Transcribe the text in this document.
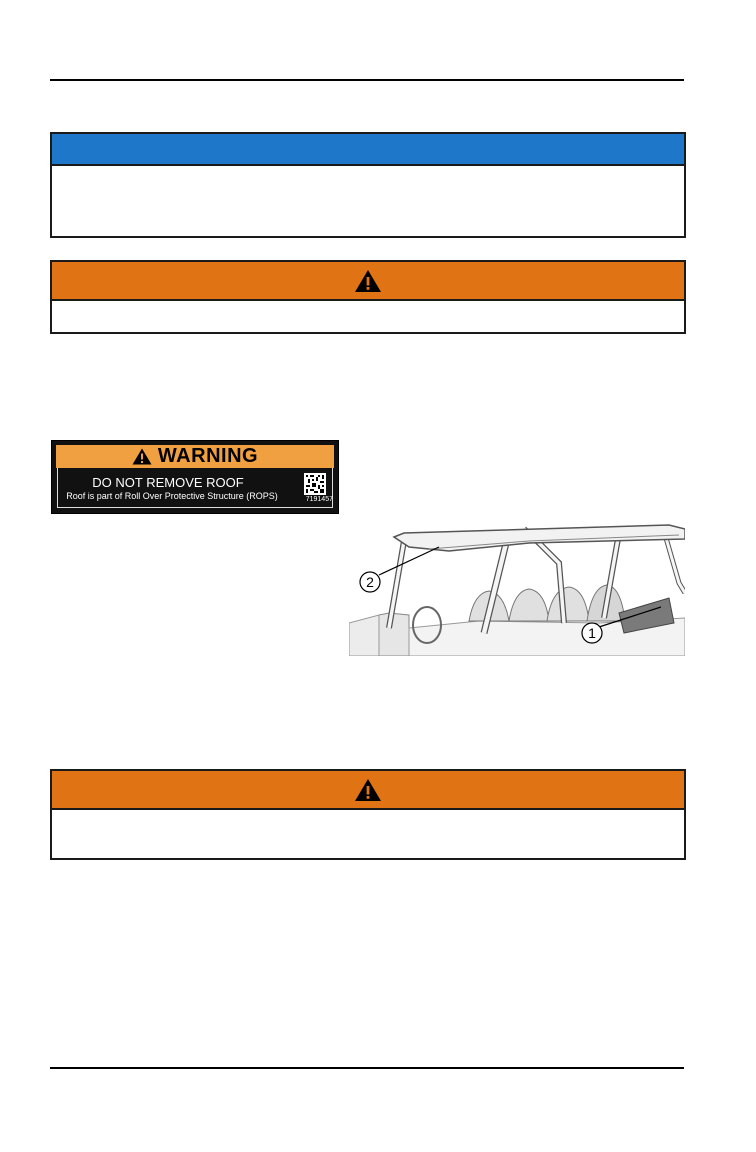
WARNING
DO NOT REMOVE ROOF
Roof is part of Roll Over Protective Structure (ROPS)	7191457
2
1
